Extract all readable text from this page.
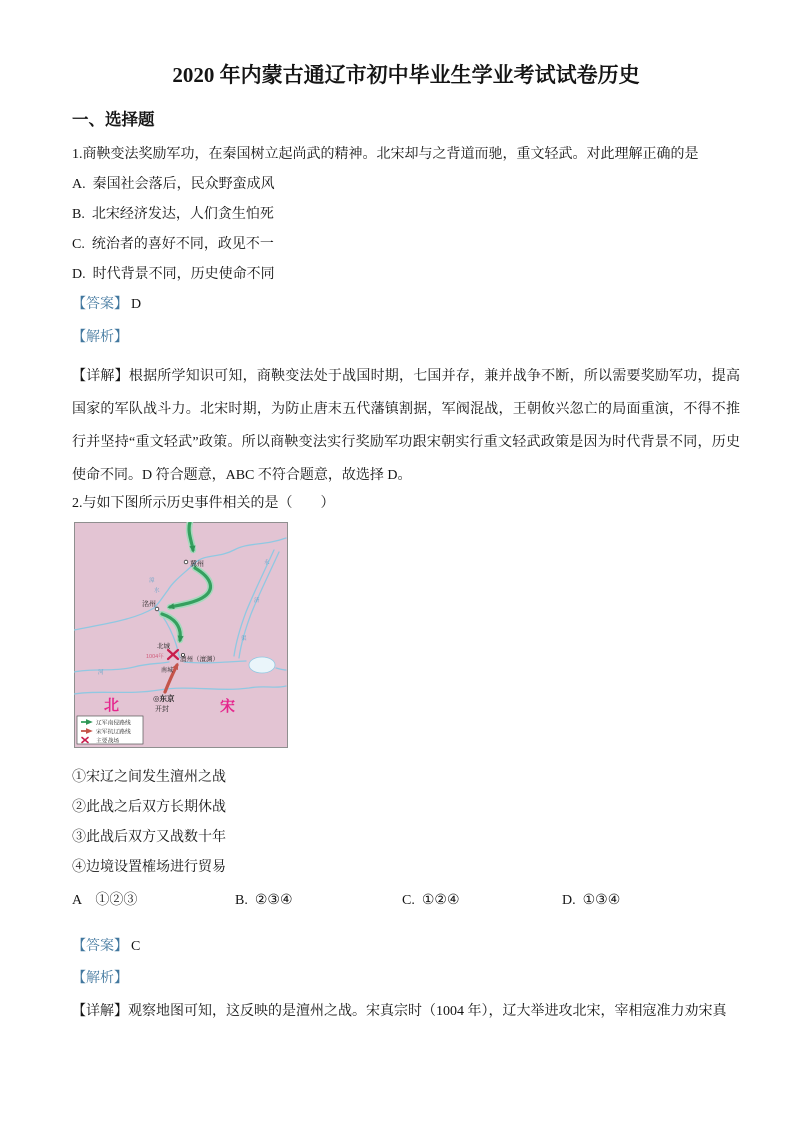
2020 年内蒙古通辽市初中毕业生学业考试试卷历史
一、选择题

1.商鞅变法奖励军功，在秦国树立起尚武的精神。北宋却与之背道而驰，重文轻武。对此理解正确的是

A.  秦国社会落后，民众野蛮成风

B.  北宋经济发达，人们贪生怕死

C.  统治者的喜好不同，政见不一

D.  时代背景不同，历史使命不同

【答案】 D

【解析】

【详解】根据所学知识可知，商鞅变法处于战国时期，七国并存，兼并战争不断，所以需要奖励军功，提高国家的军队战斗力。北宋时期，为防止唐末五代藩镇割据，军阀混战，王朝攸兴忽亡的局面重演，不得不推行并坚持“重文轻武”政策。所以商鞅变法实行奖励军功跟宋朝实行重文轻武政策是因为时代背景不同，历史使命不同。D 符合题意，ABC 不符合题意，故选择 D。

2.与如下图所示历史事件相关的是（　　）

漳
水
永
济
渠
河
冀州
洺州
北城
澶州（澶渊）
南城
◎东京
开封
1004年
北	宋
辽军南侵路线
宋军抗辽路线
主要战场

①宋辽之间发生澶州之战

②此战之后双方长期休战

③此战后双方又战数十年

④边境设置榷场进行贸易

A　①②③	B.  ②③④	C.  ①②④	D.  ①③④

【答案】 C

【解析】

【详解】观察地图可知，这反映的是澶州之战。宋真宗时（1004 年），辽大举进攻北宋，宰相寇准力劝宋真
